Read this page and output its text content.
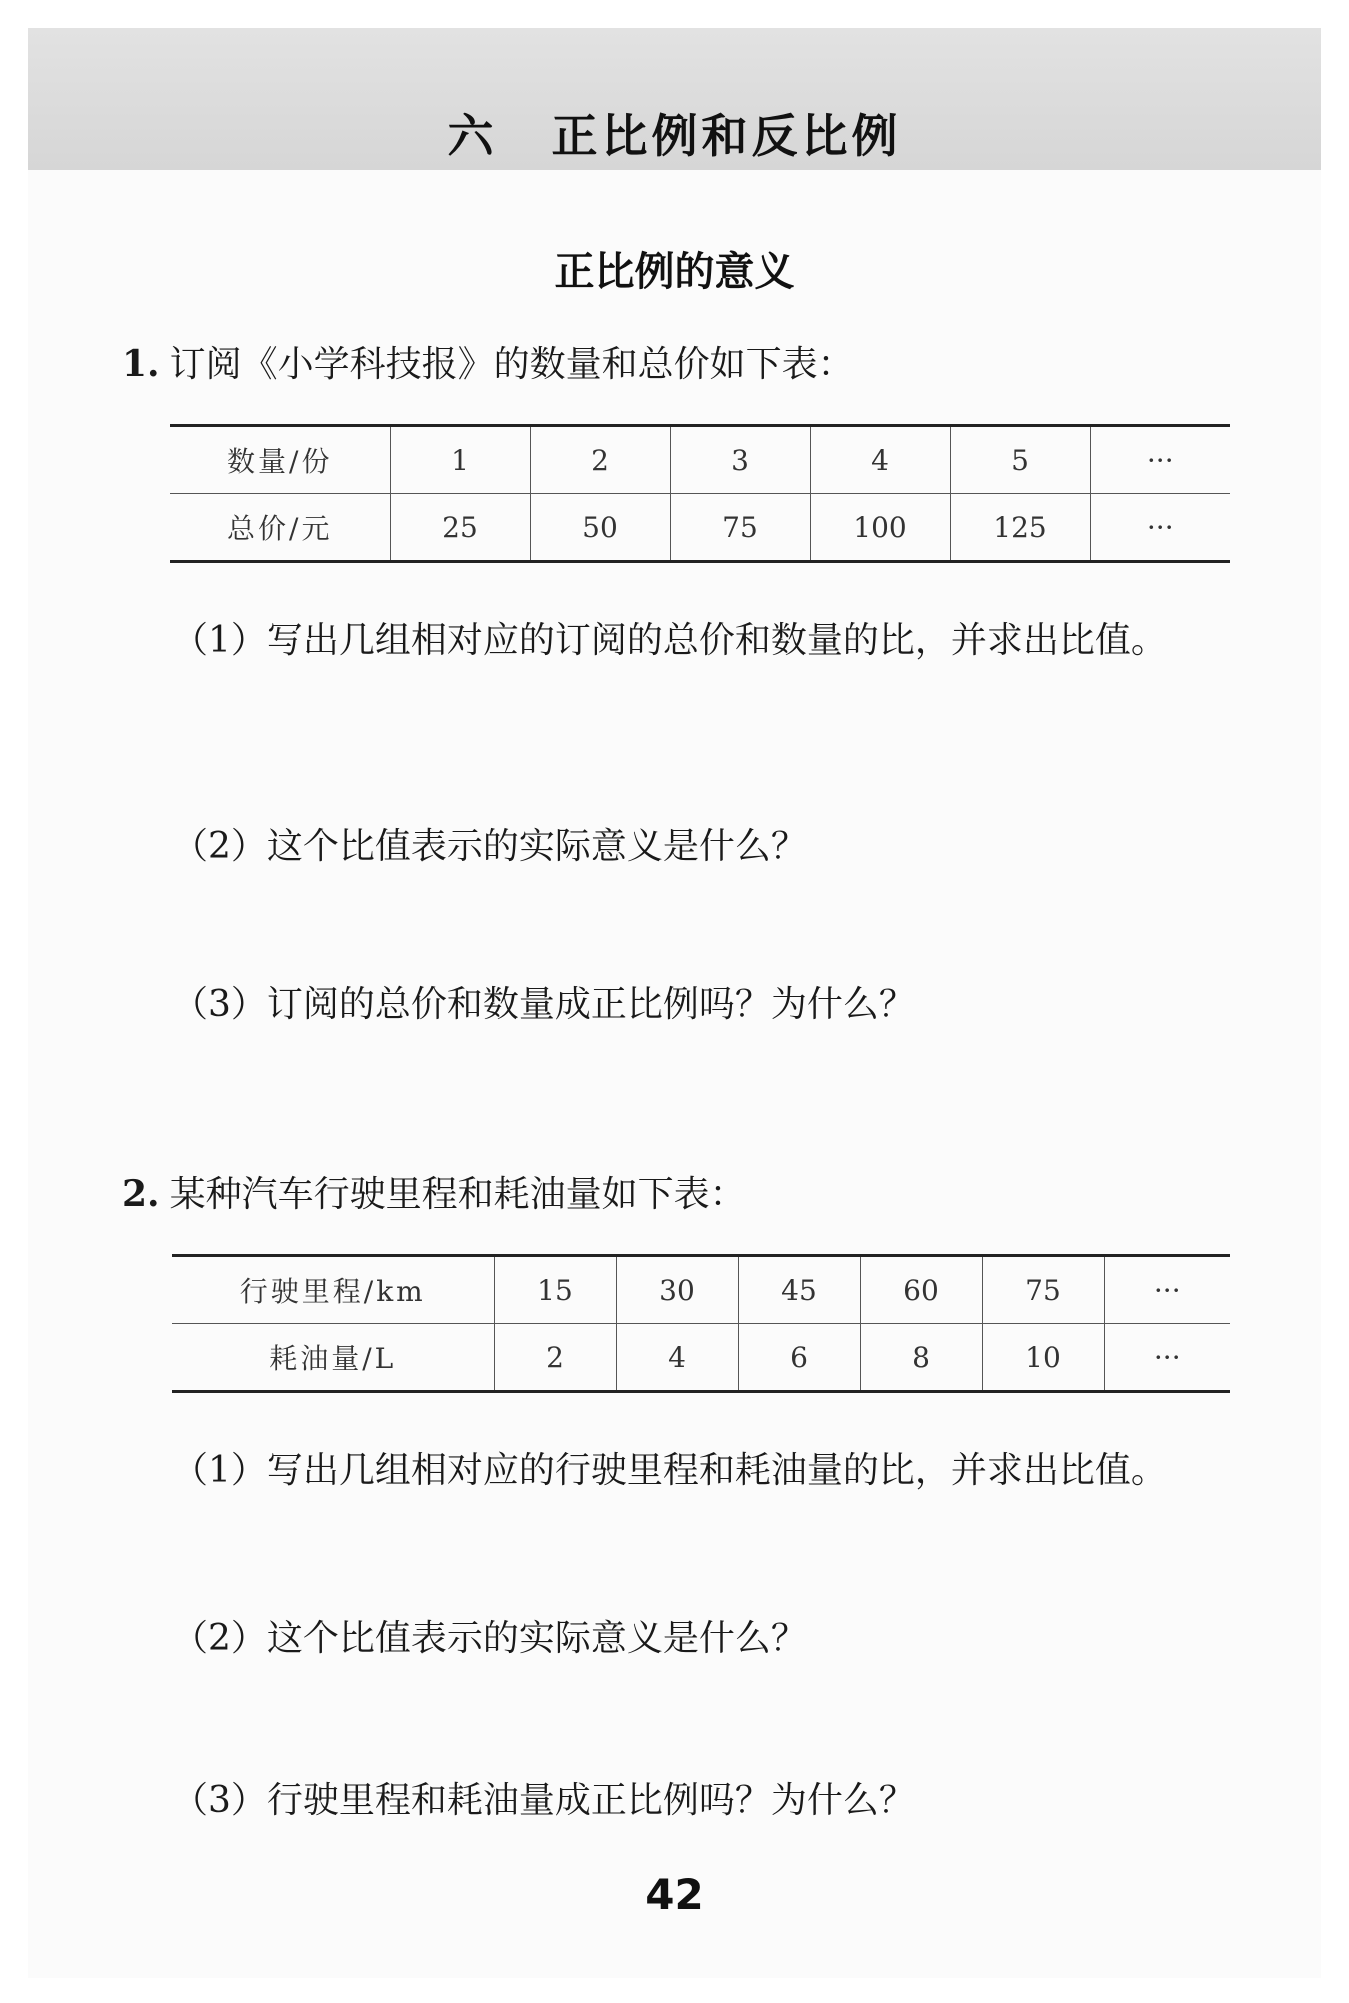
六 正比例和反比例
正比例的意义
1. 订阅《小学科技报》的数量和总价如下表：
数量/份	1	2	3	4	5	···
总价/元	25	50	75	100	125	···
（1）写出几组相对应的订阅的总价和数量的比，并求出比值。
（2）这个比值表示的实际意义是什么？
（3）订阅的总价和数量成正比例吗？为什么？
2. 某种汽车行驶里程和耗油量如下表：
行驶里程/km	15	30	45	60	75	···
耗油量/L	2	4	6	8	10	···
（1）写出几组相对应的行驶里程和耗油量的比，并求出比值。
（2）这个比值表示的实际意义是什么？
（3）行驶里程和耗油量成正比例吗？为什么？
42
